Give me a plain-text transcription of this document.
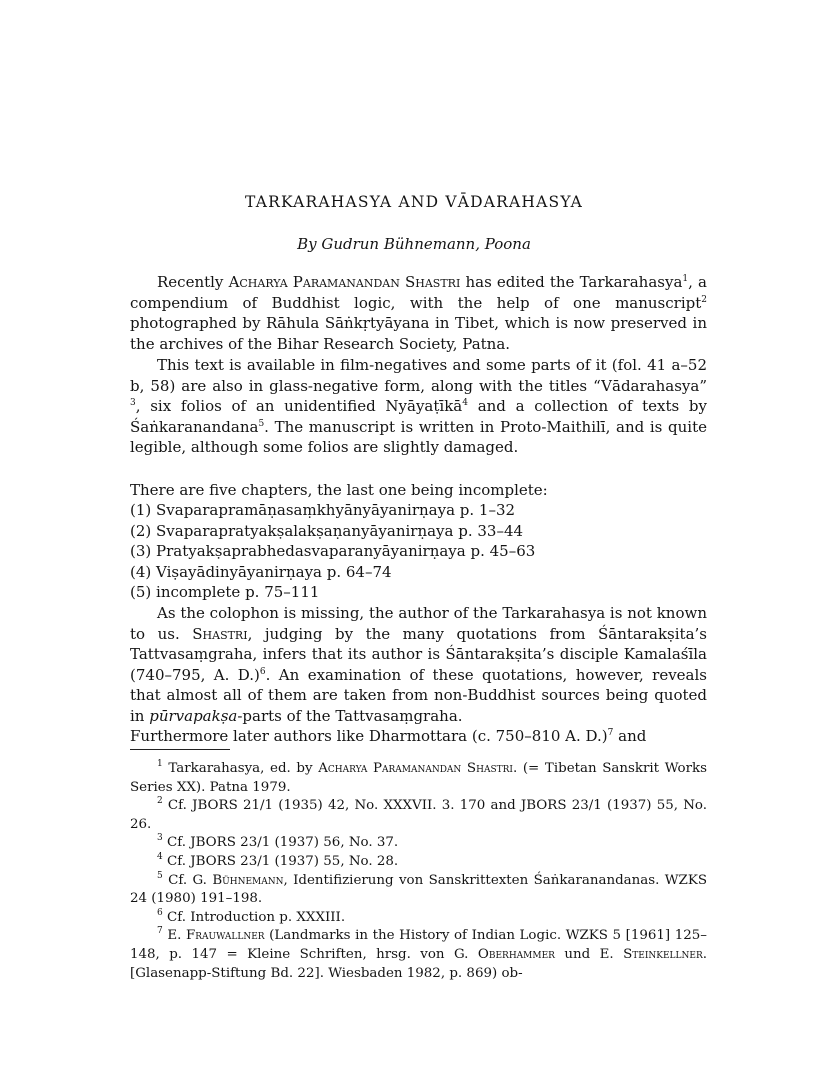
TARKARAHASYA AND VĀDARAHASYA
By Gudrun Bühnemann, Poona

Recently Acharya Paramanandan Shastri has edited the Tarkarahasya$^1$, a compendium of Buddhist logic, with the help of one manuscript$^2$ photographed by Rāhula Sāṅkṛtyāyana in Tibet, which is now preserved in the archives of the Bihar Research Society, Patna.

This text is available in film-negatives and some parts of it (fol. 41 a–52 b, 58) are also in glass-negative form, along with the titles “Vādarahasya” $^3$, six folios of an unidentified Nyāyaṭīkā$^4$ and a collection of texts by Śaṅkaranandana$^5$. The manuscript is written in Proto-Maithilī, and is quite legible, although some folios are slightly damaged.

There are five chapters, the last one being incomplete:

(1) Svaparapramāṇasaṃkhyānyāyanirṇaya p. 1–32

(2) Svaparapratyakṣalakṣaṇanyāyanirṇaya p. 33–44

(3) Pratyakṣaprabhedasvaparanyāyanirṇaya p. 45–63

(4) Viṣayādinyāyanirṇaya p. 64–74

(5) incomplete p. 75–111

As the colophon is missing, the author of the Tarkarahasya is not known to us. Shastri, judging by the many quotations from Śāntarakṣita’s Tattvasaṃgraha, infers that its author is Śāntarakṣita’s disciple Kamalaśīla (740–795, A. D.)$^6$. An examination of these quotations, however, reveals that almost all of them are taken from non-Buddhist sources being quoted in pūrvapakṣa-parts of the Tattvasaṃgraha.

Furthermore later authors like Dharmottara (c. 750–810 A. D.)$^7$ and

$^1$ Tarkarahasya, ed. by Acharya Paramanandan Shastri. (= Tibetan Sanskrit Works Series XX). Patna 1979.

$^2$ Cf. JBORS 21/1 (1935) 42, No. XXXVII. 3. 170 and JBORS 23/1 (1937) 55, No. 26.

$^3$ Cf. JBORS 23/1 (1937) 56, No. 37.

$^4$ Cf. JBORS 23/1 (1937) 55, No. 28.

$^5$ Cf. G. Bühnemann, Identifizierung von Sanskrittexten Śaṅkaranandanas. WZKS 24 (1980) 191–198.

$^6$ Cf. Introduction p. XXXIII.

$^7$ E. Frauwallner (Landmarks in the History of Indian Logic. WZKS 5 [1961] 125–148, p. 147 = Kleine Schriften, hrsg. von G. Oberhammer und E. Steinkellner. [Glasenapp-Stiftung Bd. 22]. Wiesbaden 1982, p. 869) ob-
